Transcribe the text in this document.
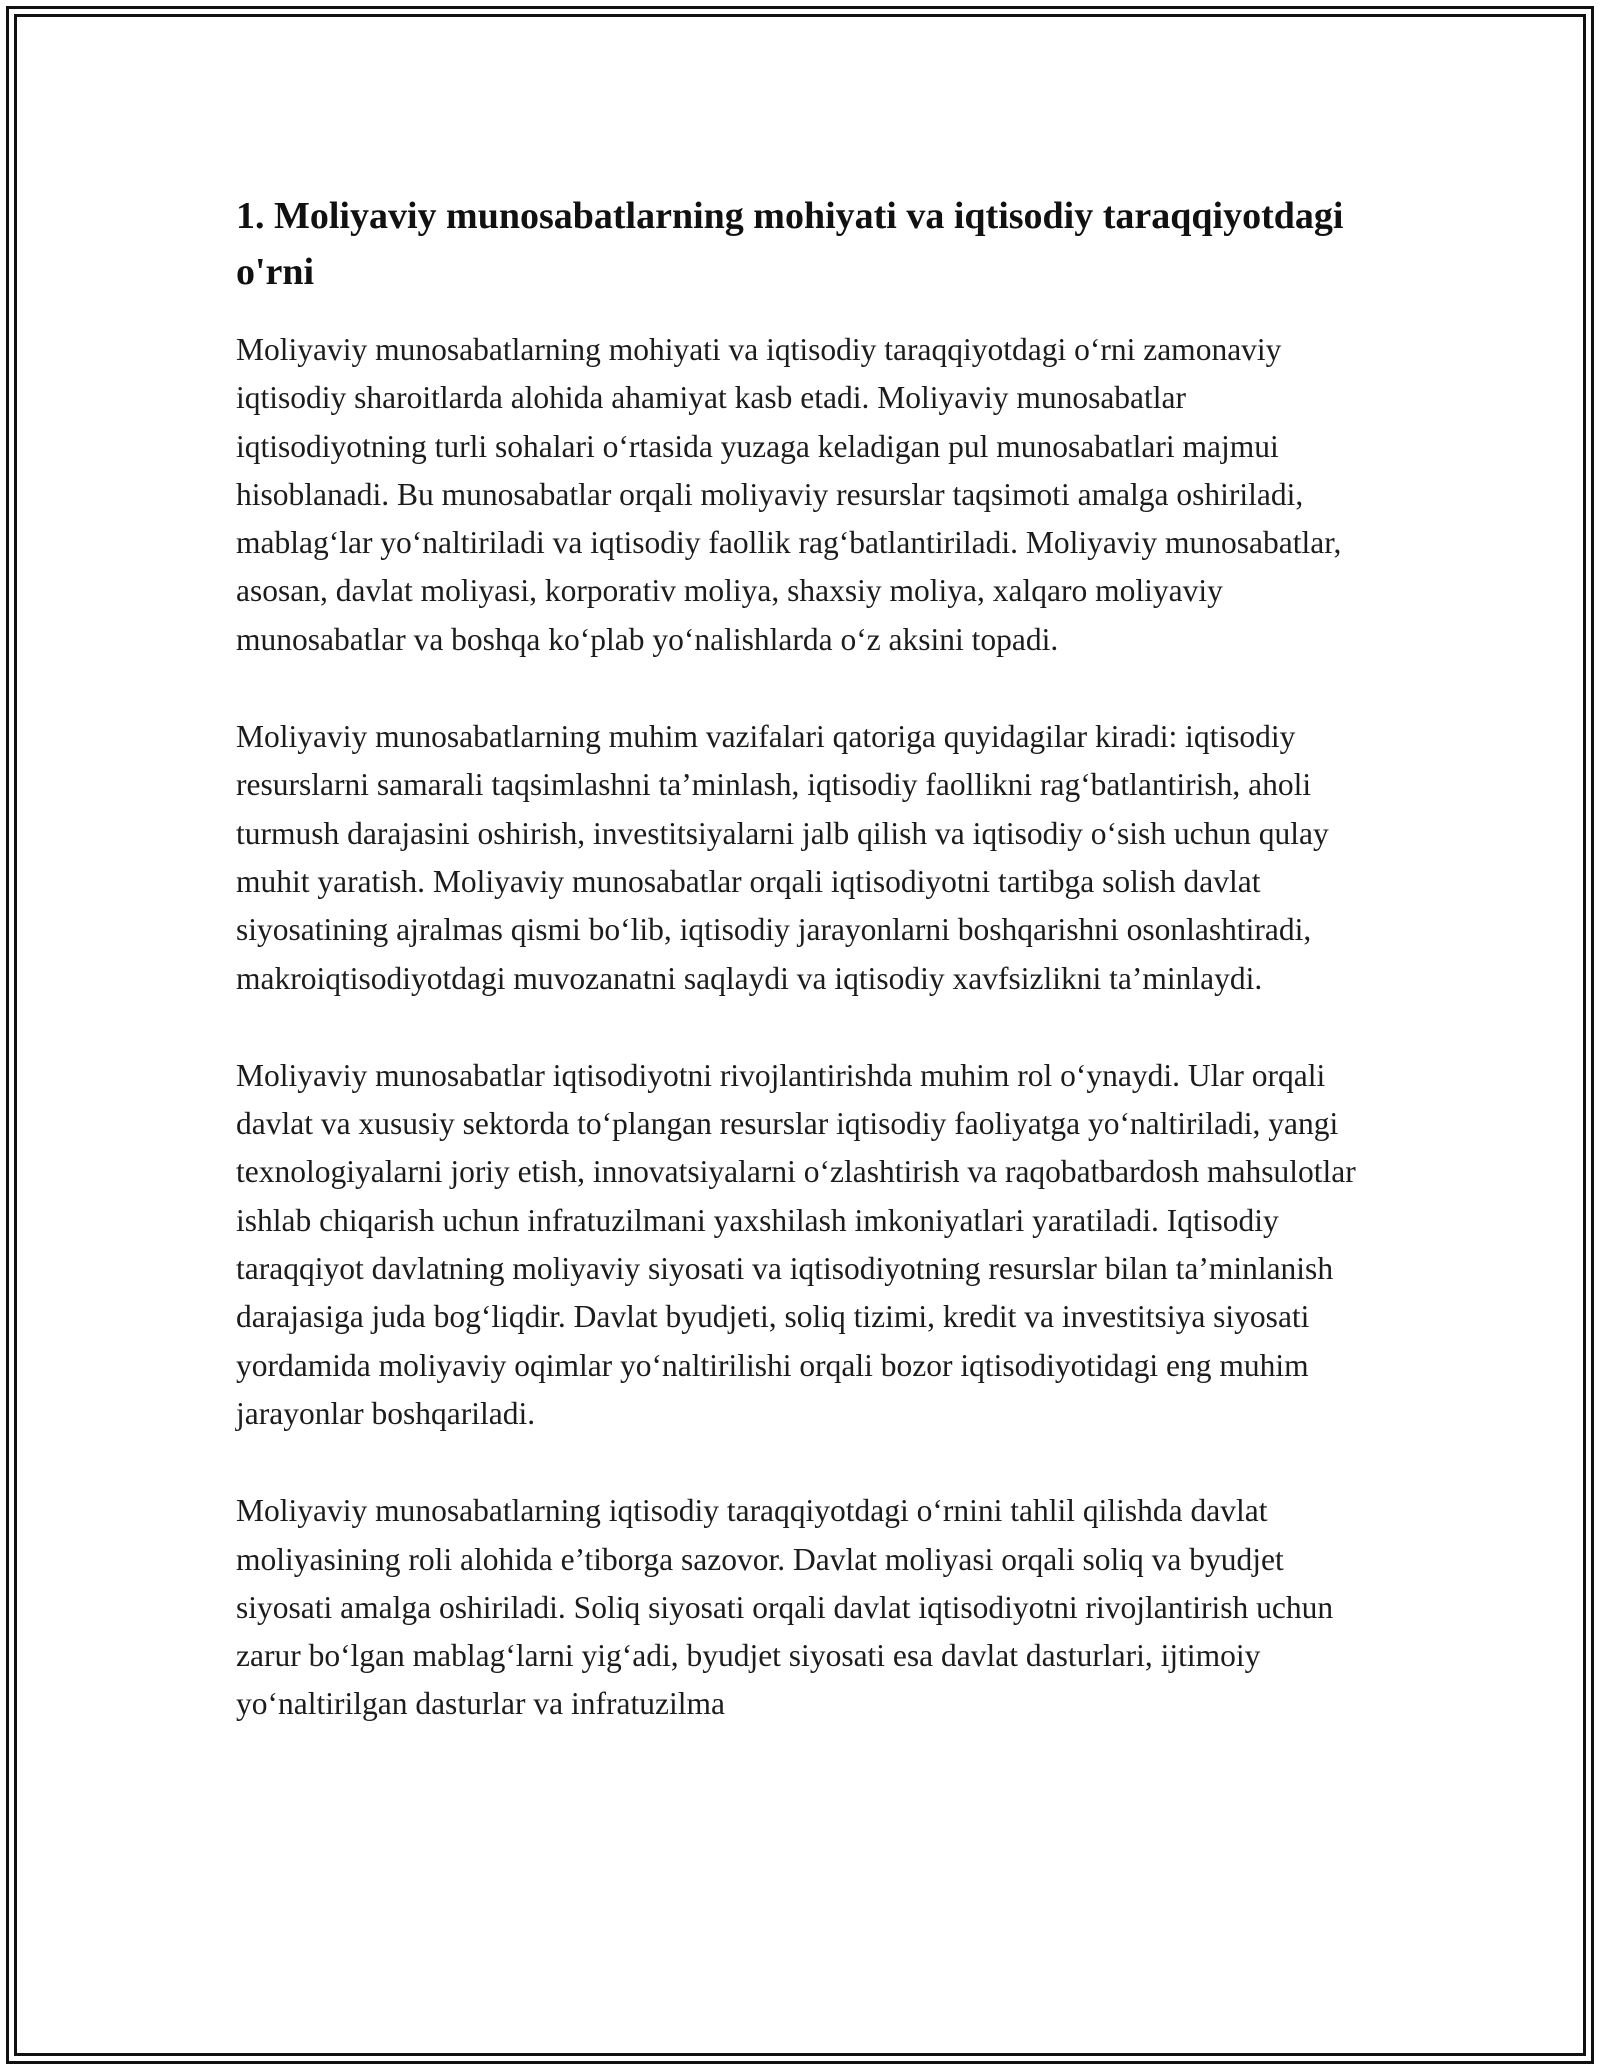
1. Moliyaviy munosabatlarning mohiyati va iqtisodiy taraqqiyotdagi o'rni

Moliyaviy munosabatlarning mohiyati va iqtisodiy taraqqiyotdagi o‘rni zamonaviy iqtisodiy sharoitlarda alohida ahamiyat kasb etadi. Moliyaviy munosabatlar iqtisodiyotning turli sohalari o‘rtasida yuzaga keladigan pul munosabatlari majmui hisoblanadi. Bu munosabatlar orqali moliyaviy resurslar taqsimoti amalga oshiriladi, mablag‘lar yo‘naltiriladi va iqtisodiy faollik rag‘batlantiriladi. Moliyaviy munosabatlar, asosan, davlat moliyasi, korporativ moliya, shaxsiy moliya, xalqaro moliyaviy munosabatlar va boshqa ko‘plab yo‘nalishlarda o‘z aksini topadi.

Moliyaviy munosabatlarning muhim vazifalari qatoriga quyidagilar kiradi: iqtisodiy resurslarni samarali taqsimlashni ta’minlash, iqtisodiy faollikni rag‘batlantirish, aholi turmush darajasini oshirish, investitsiyalarni jalb qilish va iqtisodiy o‘sish uchun qulay muhit yaratish. Moliyaviy munosabatlar orqali iqtisodiyotni tartibga solish davlat siyosatining ajralmas qismi bo‘lib, iqtisodiy jarayonlarni boshqarishni osonlashtiradi, makroiqtisodiyotdagi muvozanatni saqlaydi va iqtisodiy xavfsizlikni ta’minlaydi.

Moliyaviy munosabatlar iqtisodiyotni rivojlantirishda muhim rol o‘ynaydi. Ular orqali davlat va xususiy sektorda to‘plangan resurslar iqtisodiy faoliyatga yo‘naltiriladi, yangi texnologiyalarni joriy etish, innovatsiyalarni o‘zlashtirish va raqobatbardosh mahsulotlar ishlab chiqarish uchun infratuzilmani yaxshilash imkoniyatlari yaratiladi. Iqtisodiy taraqqiyot davlatning moliyaviy siyosati va iqtisodiyotning resurslar bilan ta’minlanish darajasiga juda bog‘liqdir. Davlat byudjeti, soliq tizimi, kredit va investitsiya siyosati yordamida moliyaviy oqimlar yo‘naltirilishi orqali bozor iqtisodiyotidagi eng muhim jarayonlar boshqariladi.

Moliyaviy munosabatlarning iqtisodiy taraqqiyotdagi o‘rnini tahlil qilishda davlat moliyasining roli alohida e’tiborga sazovor. Davlat moliyasi orqali soliq va byudjet siyosati amalga oshiriladi. Soliq siyosati orqali davlat iqtisodiyotni rivojlantirish uchun zarur bo‘lgan mablag‘larni yig‘adi, byudjet siyosati esa davlat dasturlari, ijtimoiy yo‘naltirilgan dasturlar va infratuzilma
